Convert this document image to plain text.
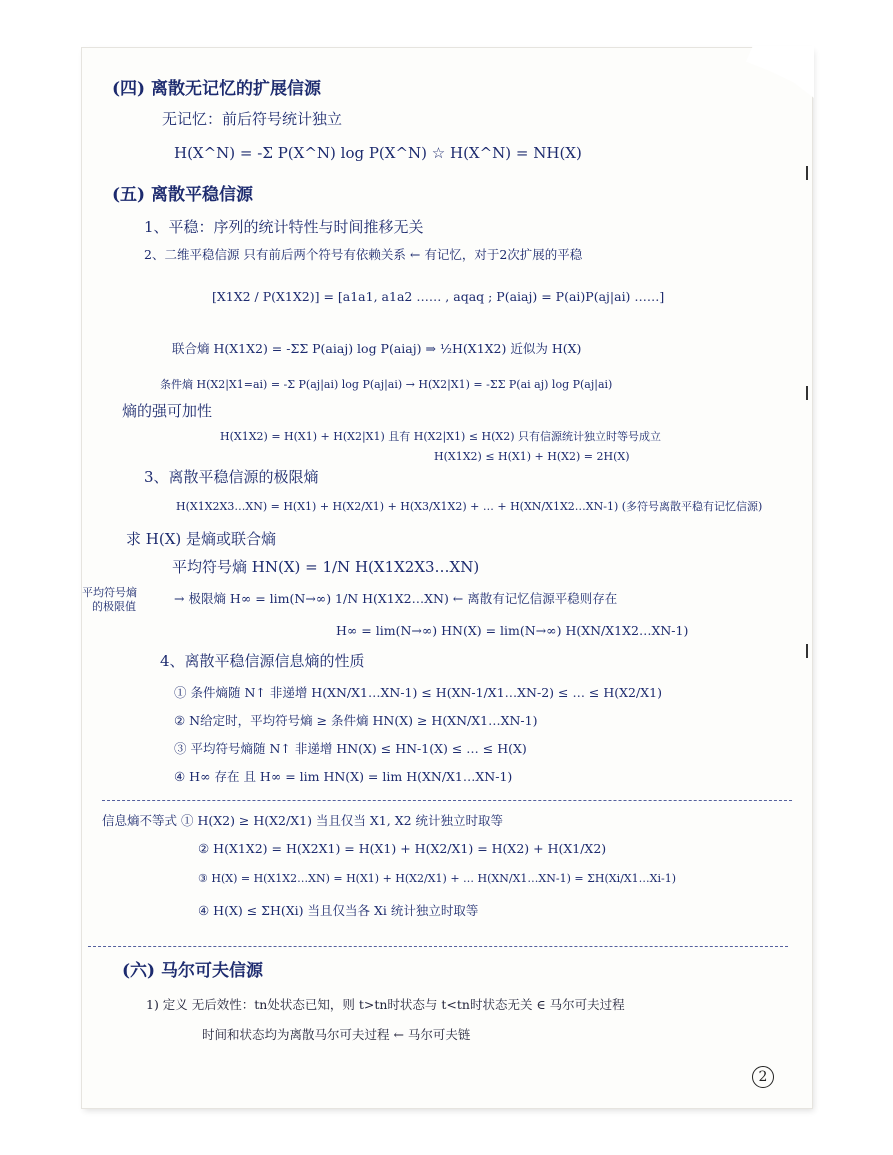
(四) 离散无记忆的扩展信源
无记忆：前后符号统计独立
H(X^N) = -Σ P(X^N) log P(X^N) ☆ H(X^N) = NH(X)
(五) 离散平稳信源
1、平稳：序列的统计特性与时间推移无关
2、二维平稳信源 只有前后两个符号有依赖关系 ← 有记忆，对于2次扩展的平稳
[X1X2 / P(X1X2)] = [a1a1, a1a2 …… , aqaq ; P(aiaj) = P(ai)P(aj|ai) ……]
联合熵 H(X1X2) = -ΣΣ P(aiaj) log P(aiaj) ⇒ ½H(X1X2) 近似为 H(X)
条件熵 H(X2|X1=ai) = -Σ P(aj|ai) log P(aj|ai) → H(X2|X1) = -ΣΣ P(ai aj) log P(aj|ai)
熵的强可加性
H(X1X2) = H(X1) + H(X2|X1) 且有 H(X2|X1) ≤ H(X2) 只有信源统计独立时等号成立
H(X1X2) ≤ H(X1) + H(X2) = 2H(X)
3、离散平稳信源的极限熵
H(X1X2X3…XN) = H(X1) + H(X2/X1) + H(X3/X1X2) + … + H(XN/X1X2…XN-1) (多符号离散平稳有记忆信源)
求 H(X) 是熵或联合熵
平均符号熵 HN(X) = 1/N H(X1X2X3…XN)
平均符号熵
的极限值
→ 极限熵 H∞ = lim(N→∞) 1/N H(X1X2…XN) ← 离散有记忆信源平稳则存在
H∞ = lim(N→∞) HN(X) = lim(N→∞) H(XN/X1X2…XN-1)
4、离散平稳信源信息熵的性质
① 条件熵随 N↑ 非递增 H(XN/X1…XN-1) ≤ H(XN-1/X1…XN-2) ≤ … ≤ H(X2/X1)
② N给定时，平均符号熵 ≥ 条件熵 HN(X) ≥ H(XN/X1…XN-1)
③ 平均符号熵随 N↑ 非递增 HN(X) ≤ HN-1(X) ≤ … ≤ H(X)
④ H∞ 存在 且 H∞ = lim HN(X) = lim H(XN/X1…XN-1)
信息熵不等式 ① H(X2) ≥ H(X2/X1) 当且仅当 X1, X2 统计独立时取等
② H(X1X2) = H(X2X1) = H(X1) + H(X2/X1) = H(X2) + H(X1/X2)
③ H(X) = H(X1X2…XN) = H(X1) + H(X2/X1) + … H(XN/X1…XN-1) = ΣH(Xi/X1…Xi-1)
④ H(X) ≤ ΣH(Xi) 当且仅当各 Xi 统计独立时取等
(六) 马尔可夫信源
1) 定义 无后效性：tn处状态已知，则 t>tn时状态与 t<tn时状态无关 ∈ 马尔可夫过程
时间和状态均为离散马尔可夫过程 ← 马尔可夫链
2
